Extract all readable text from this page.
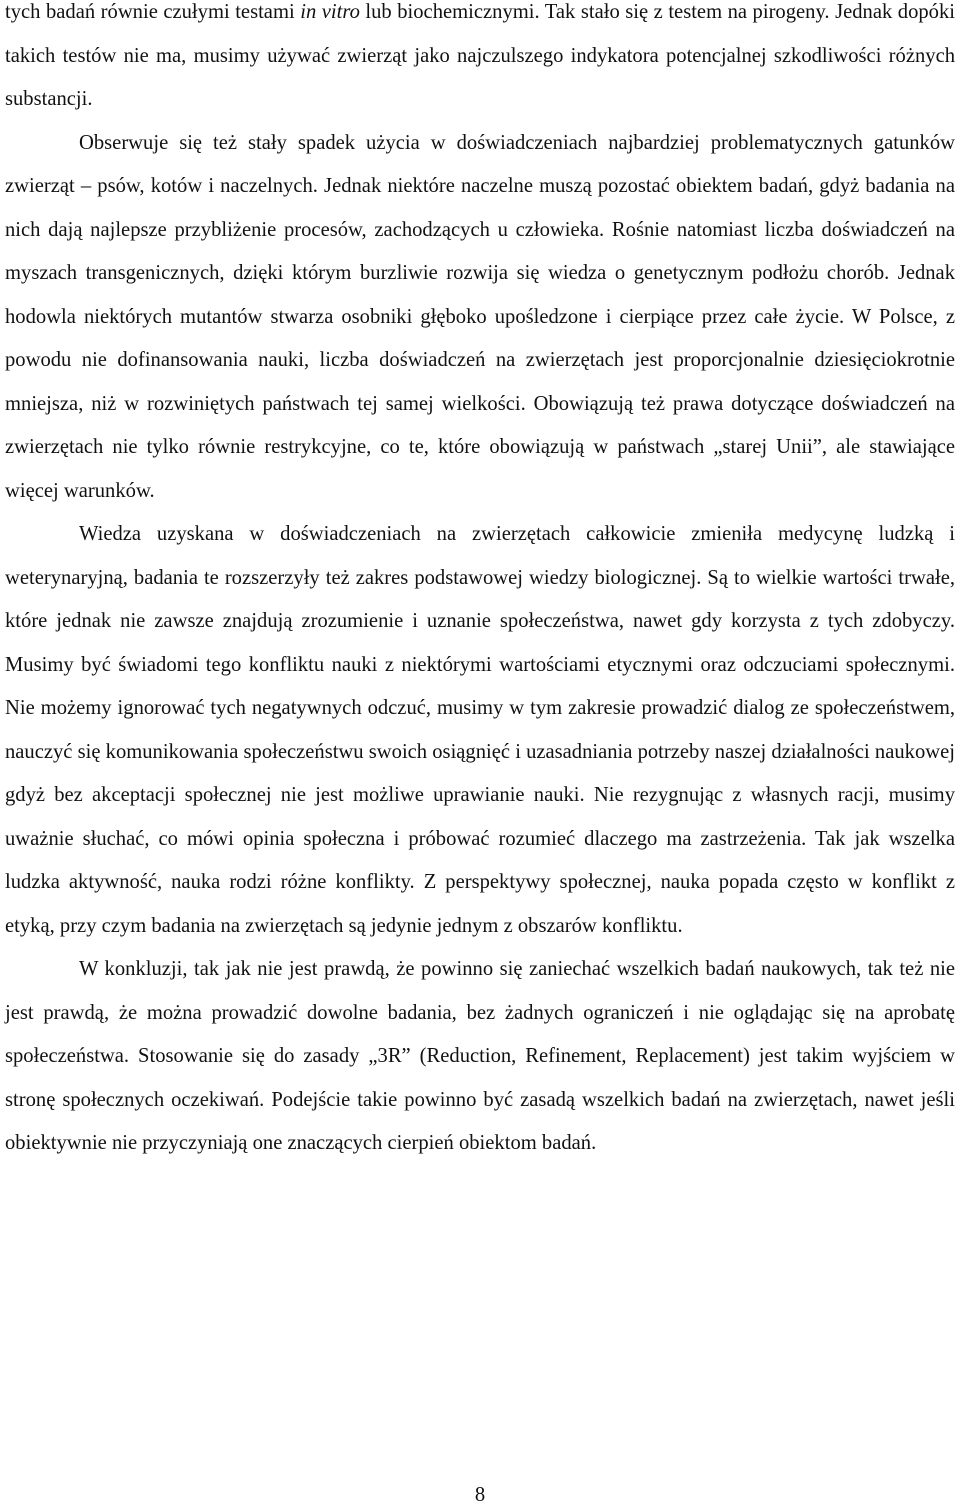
tych badań równie czułymi testami in vitro lub biochemicznymi. Tak stało się z testem na pirogeny. Jednak dopóki takich testów nie ma, musimy używać zwierząt jako najczulszego indykatora potencjalnej szkodliwości różnych substancji.

Obserwuje się też stały spadek użycia w doświadczeniach najbardziej problematycznych gatunków zwierząt – psów, kotów i naczelnych. Jednak niektóre naczelne muszą pozostać obiektem badań, gdyż badania na nich dają najlepsze przybliżenie procesów, zachodzących u człowieka. Rośnie natomiast liczba doświadczeń na myszach transgenicznych, dzięki którym burzliwie rozwija się wiedza o genetycznym podłożu chorób. Jednak hodowla niektórych mutantów stwarza osobniki głęboko upośledzone i cierpiące przez całe życie. W Polsce, z powodu nie dofinansowania nauki, liczba doświadczeń na zwierzętach jest proporcjonalnie dziesięciokrotnie mniejsza, niż w rozwiniętych państwach tej samej wielkości. Obowiązują też prawa dotyczące doświadczeń na zwierzętach nie tylko równie restrykcyjne, co te, które obowiązują w państwach „starej Unii”, ale stawiające więcej warunków.

Wiedza uzyskana w doświadczeniach na zwierzętach całkowicie zmieniła medycynę ludzką i weterynaryjną, badania te rozszerzyły też zakres podstawowej wiedzy biologicznej. Są to wielkie wartości trwałe, które jednak nie zawsze znajdują zrozumienie i uznanie społeczeństwa, nawet gdy korzysta z tych zdobyczy. Musimy być świadomi tego konfliktu nauki z niektórymi wartościami etycznymi oraz odczuciami społecznymi. Nie możemy ignorować tych negatywnych odczuć, musimy w tym zakresie prowadzić dialog ze społeczeństwem, nauczyć się komunikowania społeczeństwu swoich osiągnięć i uzasadniania potrzeby naszej działalności naukowej gdyż bez akceptacji społecznej nie jest możliwe uprawianie nauki. Nie rezygnując z własnych racji, musimy uważnie słuchać, co mówi opinia społeczna i próbować rozumieć dlaczego ma zastrzeżenia. Tak jak wszelka ludzka aktywność, nauka rodzi różne konflikty. Z perspektywy społecznej, nauka popada często w konflikt z etyką, przy czym badania na zwierzętach są jedynie jednym z obszarów konfliktu.

W konkluzji, tak jak nie jest prawdą, że powinno się zaniechać wszelkich badań naukowych, tak też nie jest prawdą, że można prowadzić dowolne badania, bez żadnych ograniczeń i nie oglądając się na aprobatę społeczeństwa. Stosowanie się do zasady „3R” (Reduction, Refinement, Replacement) jest takim wyjściem w stronę społecznych oczekiwań. Podejście takie powinno być zasadą wszelkich badań na zwierzętach, nawet jeśli obiektywnie nie przyczyniają one znaczących cierpień obiektom badań.

8
